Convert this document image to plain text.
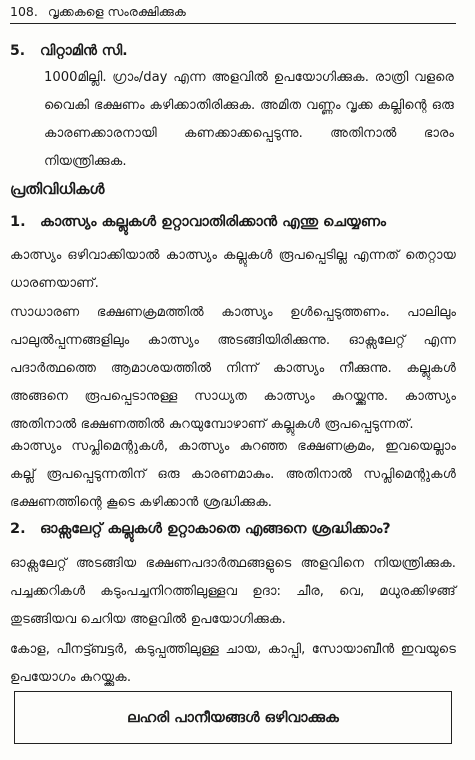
108. വൃക്കകളെ സംരക്ഷിക്കുക
5. വിറ്റാമിൻ സി.

1000മില്ലി. ഗ്രാം/day എന്ന അളവിൽ ഉപയോഗിക്കുക. രാത്രി വളരെ വൈകി ഭക്ഷണം കഴിക്കാതിരിക്കുക. അമിത വണ്ണം വൃക്ക കല്ലിന്റെ ഒരു കാരണക്കാരനായി കണക്കാക്കപ്പെടുന്നു. അതിനാൽ ഭാരം നിയന്ത്രിക്കുക.

പ്രതിവിധികൾ
1. കാത്സ്യം കല്ലുകൾ ഉറ്റാവാതിരിക്കാൻ എന്തു ചെയ്യണം

കാത്സ്യം ഒഴിവാക്കിയാൽ കാത്സ്യം കല്ലുകൾ രൂപപ്പെടില്ല എന്നത് തെറ്റായ ധാരണയാണ്.

സാധാരണ ഭക്ഷണക്രമത്തിൽ കാത്സ്യം ഉൾപ്പെടുത്തണം. പാലിലും പാലുൽപ്പന്നങ്ങളിലും കാത്സ്യം അടങ്ങിയിരിക്കുന്നു. ഓക്സലേറ്റ് എന്ന പദാർത്ഥത്തെ ആമാശയത്തിൽ നിന്ന് കാത്സ്യം നീക്കുന്നു. കല്ലുകൾ അങ്ങനെ രൂപപ്പെടാനുള്ള സാധ്യത കാത്സ്യം കുറയ്ക്കുന്നു. കാത്സ്യം അതിനാൽ ഭക്ഷണത്തിൽ കുറയുമ്പോഴാണ് കല്ലുകൾ രൂപപ്പെടുന്നത്.

കാത്സ്യം സപ്ലിമെന്റുകൾ, കാത്സ്യം കുറഞ്ഞ ഭക്ഷണക്രമം, ഇവയെല്ലാം കല്ല് രൂപപ്പെടുന്നതിന് ഒരു കാരണമാകും. അതിനാൽ സപ്ലിമെന്റുകൾ ഭക്ഷണത്തിന്റെ കൂടെ കഴിക്കാൻ ശ്രദ്ധിക്കുക.

2. ഓക്സലേറ്റ് കല്ലുകൾ ഉറ്റാകാതെ എങ്ങനെ ശ്രദ്ധിക്കാം?

ഓക്സലേറ്റ് അടങ്ങിയ ഭക്ഷണപദാർത്ഥങ്ങളുടെ അളവിനെ നിയന്ത്രിക്കുക. പച്ചക്കറികൾ കടുംപച്ചനിറത്തിലുള്ളവ ഉദാ: ചീര, വെ, മധുരക്കിഴങ്ങ് തുടങ്ങിയവ ചെറിയ അളവിൽ ഉപയോഗിക്കുക.

കോള, പീനട്ട്ബട്ടർ, കടുപ്പത്തിലുള്ള ചായ, കാപ്പി, സോയാബീൻ ഇവയുടെ ഉപയോഗം കുറയ്ക്കുക.

ലഹരി പാനീയങ്ങൾ ഒഴിവാക്കുക
